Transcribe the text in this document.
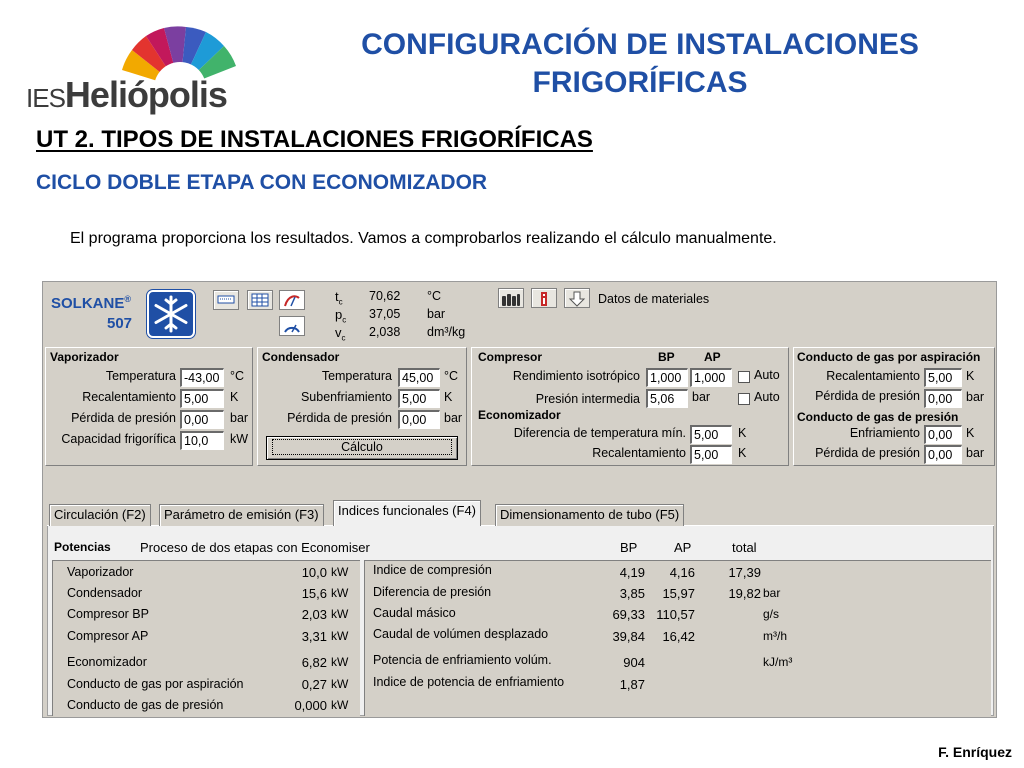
IESHeliópolis
CONFIGURACIÓN DE INSTALACIONES
FRIGORÍFICAS
UT 2. TIPOS DE INSTALACIONES FRIGORÍFICAS
CICLO DOBLE ETAPA CON ECONOMIZADOR
El programa proporciona los resultados. Vamos a comprobarlos realizando el cálculo manualmente.
F. Enríquez
SOLKANE®
507
$t_c$ 70,62	°C
$p_c$ 37,05	bar
$v_c$ 2,038	dm³/kg
Datos de materiales
Vaporizador
Temperatura -43,00 °C
Recalentamiento 5,00	K
Pérdida de presión 0,00	bar
Capacidad frigorífica 10,0	kW
Condensador
Temperatura 45,00 °C
Subenfriamiento 5,00	K
Pérdida de presión 0,00	bar
Cálculo
Compresor	BP AP
Rendimiento isotrópico 1,000	1,000	Auto
Presión intermedia 5,06	bar	Auto
Economizador
Diferencia de temperatura mín. 5,00	K
Recalentamiento 5,00	K
Conducto de gas por aspiración
Recalentamiento 5,00	K
Pérdida de presión 0,00	bar
Conducto de gas de presión
Enfriamiento 0,00	K
Pérdida de presión 0,00	bar
Circulación (F2)	Parámetro de emisión (F3)	Indices funcionales (F4)	Dimensionamento de tubo (F5)
Potencias Proceso de dos etapas con Economiser	BP	AP	total
Vaporizador	10,0 kW
Condensador	15,6 kW
Compresor BP	2,03 kW
Compresor AP	3,31 kW
Economizador	6,82 kW
Conducto de gas por aspiración	0,27 kW
Conducto de gas de presión	0,000 kW
Indice de compresión	4,19	4,16	17,39
Diferencia de presión	3,85	15,97	19,82 bar
Caudal másico	69,33 110,57	g/s
Caudal de volúmen desplazado	39,84	16,42	m³/h
Potencia de enfriamiento volúm.	904	kJ/m³
Indice de potencia de enfriamiento	1,87
